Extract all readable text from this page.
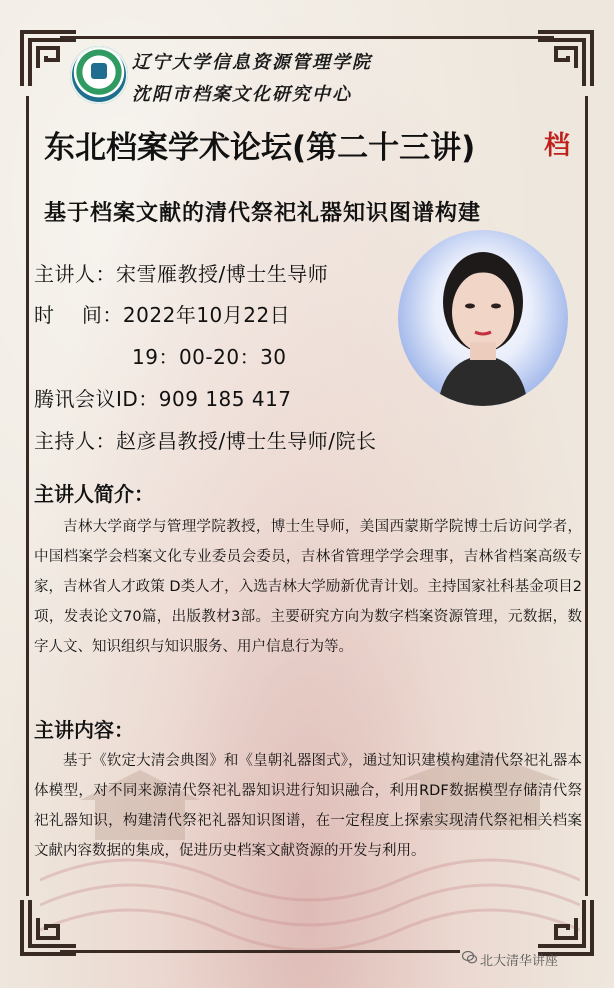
辽宁大学信息资源管理学院
沈阳市档案文化研究中心
东北档案学术论坛(第二十三讲)	档
基于档案文献的清代祭祀礼器知识图谱构建
主讲人：宋雪雁教授/博士生导师
时    间：2022年10月22日
19：00-20：30
腾讯会议ID：909 185 417
主持人：赵彦昌教授/博士生导师/院长
主讲人简介：

吉林大学商学与管理学院教授，博士生导师，美国西蒙斯学院博士后访问学者，中国档案学会档案文化专业委员会委员，吉林省管理学学会理事，吉林省档案高级专家，吉林省人才政策 D类人才，入选吉林大学励新优青计划。主持国家社科基金项目2项，发表论文70篇，出版教材3部。主要研究方向为数字档案资源管理，元数据，数字人文、知识组织与知识服务、用户信息行为等。

主讲内容：

基于《钦定大清会典图》和《皇朝礼器图式》，通过知识建模构建清代祭祀礼器本体模型，对不同来源清代祭祀礼器知识进行知识融合，利用RDF数据模型存储清代祭祀礼器知识，构建清代祭祀礼器知识图谱，在一定程度上探索实现清代祭祀相关档案文献内容数据的集成，促进历史档案文献资源的开发与利用。

北大清华讲座
